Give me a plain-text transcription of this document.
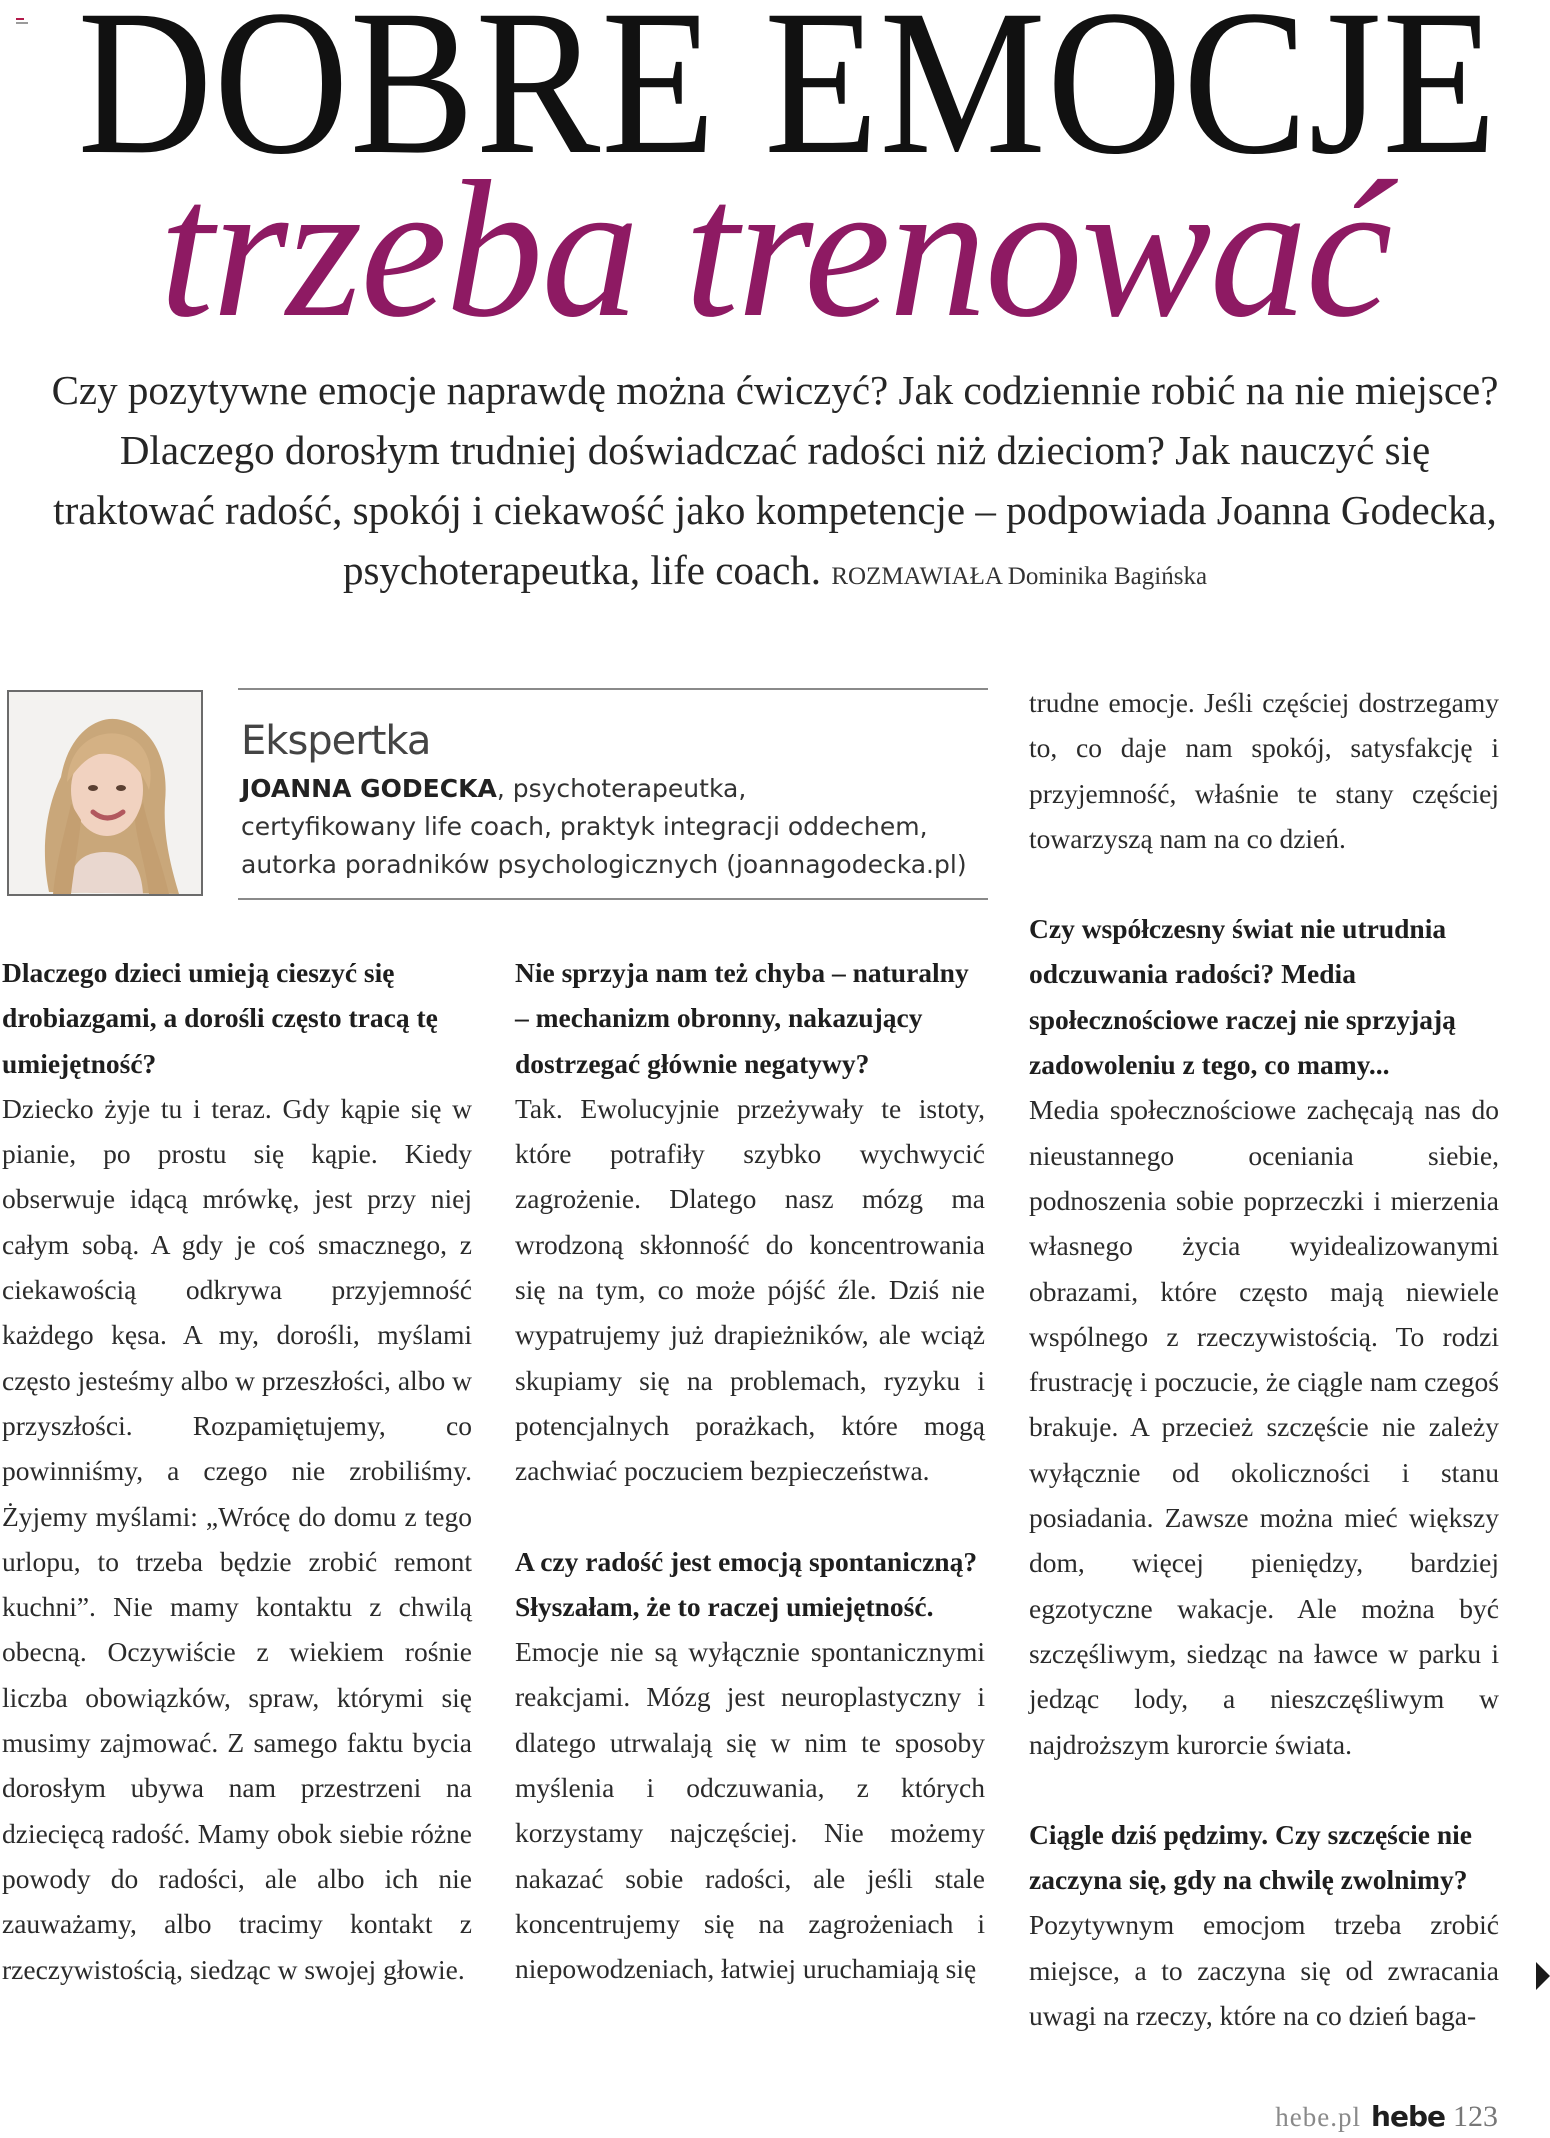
DOBRE EMOCJE
trzeba trenować
Czy pozytywne emocje naprawdę można ćwiczyć? Jak codziennie robić na nie miejsce?
Dlaczego dorosłym trudniej doświadczać radości niż dzieciom? Jak nauczyć się
traktować radość, spokój i ciekawość jako kompetencje – podpowiada Joanna Godecka,
psychoterapeutka, life coach. ROZMAWIAŁA Dominika Bagińska
Ekspertka
JOANNA GODECKA, psychoterapeutka,
certyfikowany life coach, praktyk integracji oddechem,
autorka poradników psychologicznych (joannagodecka.pl)

Dlaczego dzieci umieją cieszyć się drobiazgami, a dorośli często tracą tę umiejętność?

Dziecko żyje tu i teraz. Gdy kąpie się w pianie, po prostu się kąpie. Kiedy obserwuje idącą mrówkę, jest przy niej całym sobą. A gdy je coś smacznego, z ciekawością odkrywa przyjemność każdego kęsa. A my, dorośli, myślami często jesteśmy albo w przeszłości, albo w przyszłości. Rozpamiętujemy, co powinniśmy, a czego nie zrobiliśmy. Żyjemy myślami: „Wrócę do domu z tego urlopu, to trzeba będzie zrobić remont kuchni”. Nie mamy kontaktu z chwilą obecną. Oczywiście z wiekiem rośnie liczba obowiązków, spraw, którymi się musimy zajmować. Z samego faktu bycia dorosłym ubywa nam przestrzeni na dziecięcą radość. Mamy obok siebie różne powody do radości, ale albo ich nie zauważamy, albo tracimy kontakt z rzeczywistością, siedząc w swojej głowie.

Nie sprzyja nam też chyba – naturalny – mechanizm obronny, nakazujący dostrzegać głównie negatywy?

Tak. Ewolucyjnie przeżywały te istoty, które potrafiły szybko wychwycić zagrożenie. Dlatego nasz mózg ma wrodzoną skłonność do koncentrowania się na tym, co może pójść źle. Dziś nie wypatrujemy już drapieżników, ale wciąż skupiamy się na problemach, ryzyku i potencjalnych porażkach, które mogą zachwiać poczuciem bezpieczeństwa.

A czy radość jest emocją spontaniczną? Słyszałam, że to raczej umiejętność.

Emocje nie są wyłącznie spontanicznymi reakcjami. Mózg jest neuroplastyczny i dlatego utrwalają się w nim te sposoby myślenia i odczuwania, z których korzystamy najczęściej. Nie możemy nakazać sobie radości, ale jeśli stale koncentrujemy się na zagrożeniach i niepowodzeniach, łatwiej uruchamiają się

trudne emocje. Jeśli częściej dostrzegamy to, co daje nam spokój, satysfakcję i przyjemność, właśnie te stany częściej towarzyszą nam na co dzień.

Czy współczesny świat nie utrudnia odczuwania radości? Media społecznościowe raczej nie sprzyjają zadowoleniu z tego, co mamy...

Media społecznościowe zachęcają nas do nieustannego oceniania siebie, podnoszenia sobie poprzeczki i mierzenia własnego życia wyidealizowanymi obrazami, które często mają niewiele wspólnego z rzeczywistością. To rodzi frustrację i poczucie, że ciągle nam czegoś brakuje. A przecież szczęście nie zależy wyłącznie od okoliczności i stanu posiadania. Zawsze można mieć większy dom, więcej pieniędzy, bardziej egzotyczne wakacje. Ale można być szczęśliwym, siedząc na ławce w parku i jedząc lody, a nieszczęśliwym w najdroższym kurorcie świata.

Ciągle dziś pędzimy. Czy szczęście nie zaczyna się, gdy na chwilę zwolnimy?

Pozytywnym emocjom trzeba zrobić miejsce, a to zaczyna się od zwracania uwagi na rzeczy, które na co dzień baga-

hebe.pl hebe 123
